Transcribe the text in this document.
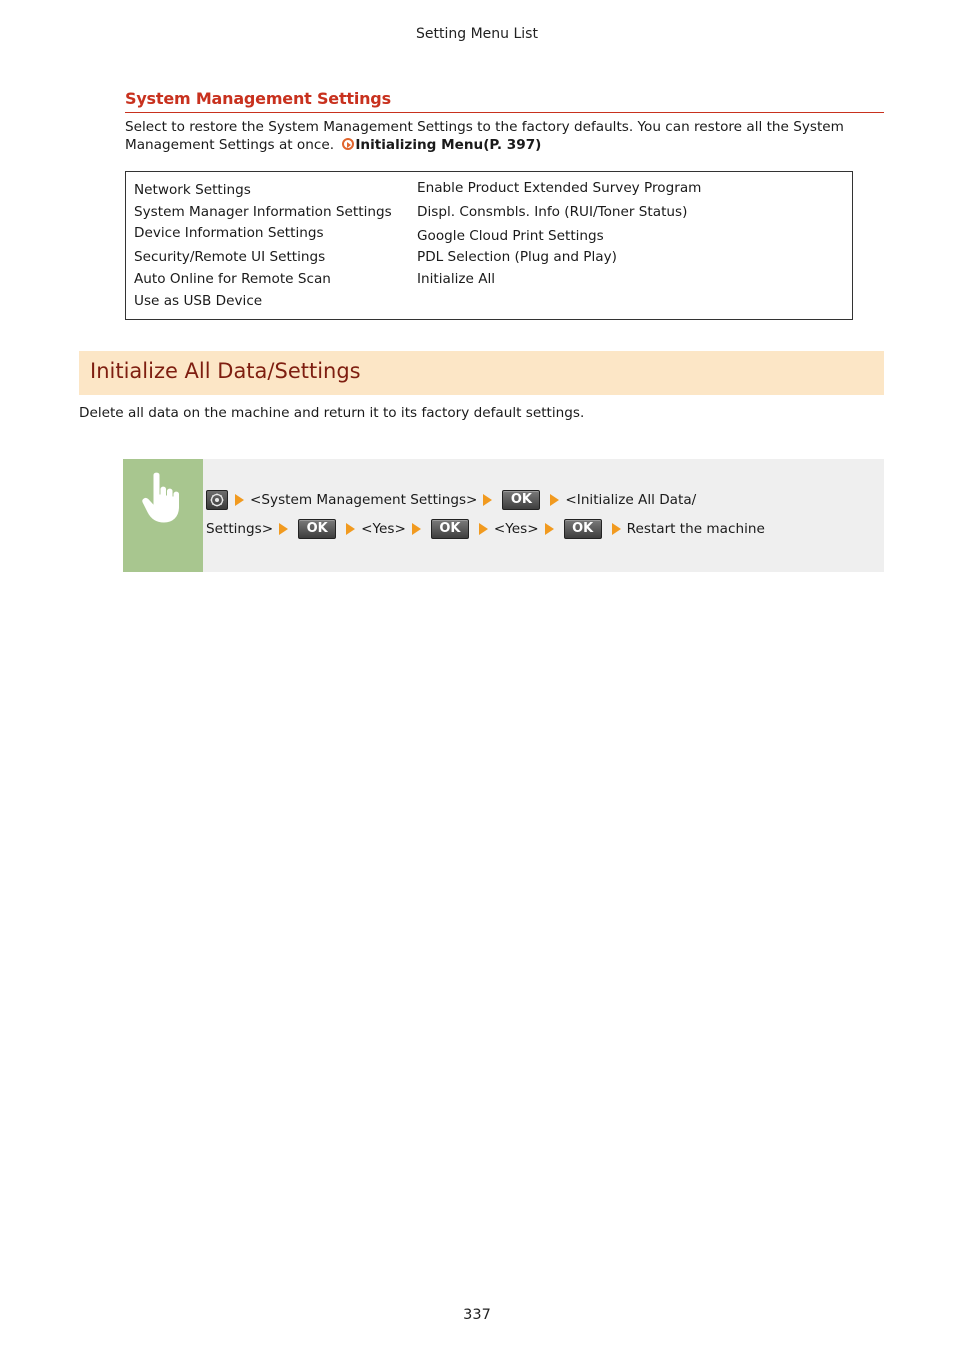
Setting Menu List
System Management Settings
Select to restore the System Management Settings to the factory defaults. You can restore all the System Management Settings at once. Initializing Menu(P. 397)
Network Settings
System Manager Information Settings
Device Information Settings
Security/Remote UI Settings
Auto Online for Remote Scan
Use as USB Device
Enable Product Extended Survey Program
Displ. Consmbls. Info (RUI/Toner Status)
Google Cloud Print Settings
PDL Selection (Plug and Play)
Initialize All
Initialize All Data/Settings
Delete all data on the machine and return it to its factory default settings.
<System Management Settings>	OK	<Initialize All Data/
Settings>	OK	<Yes>	OK	<Yes>	OK	Restart the machine
337
